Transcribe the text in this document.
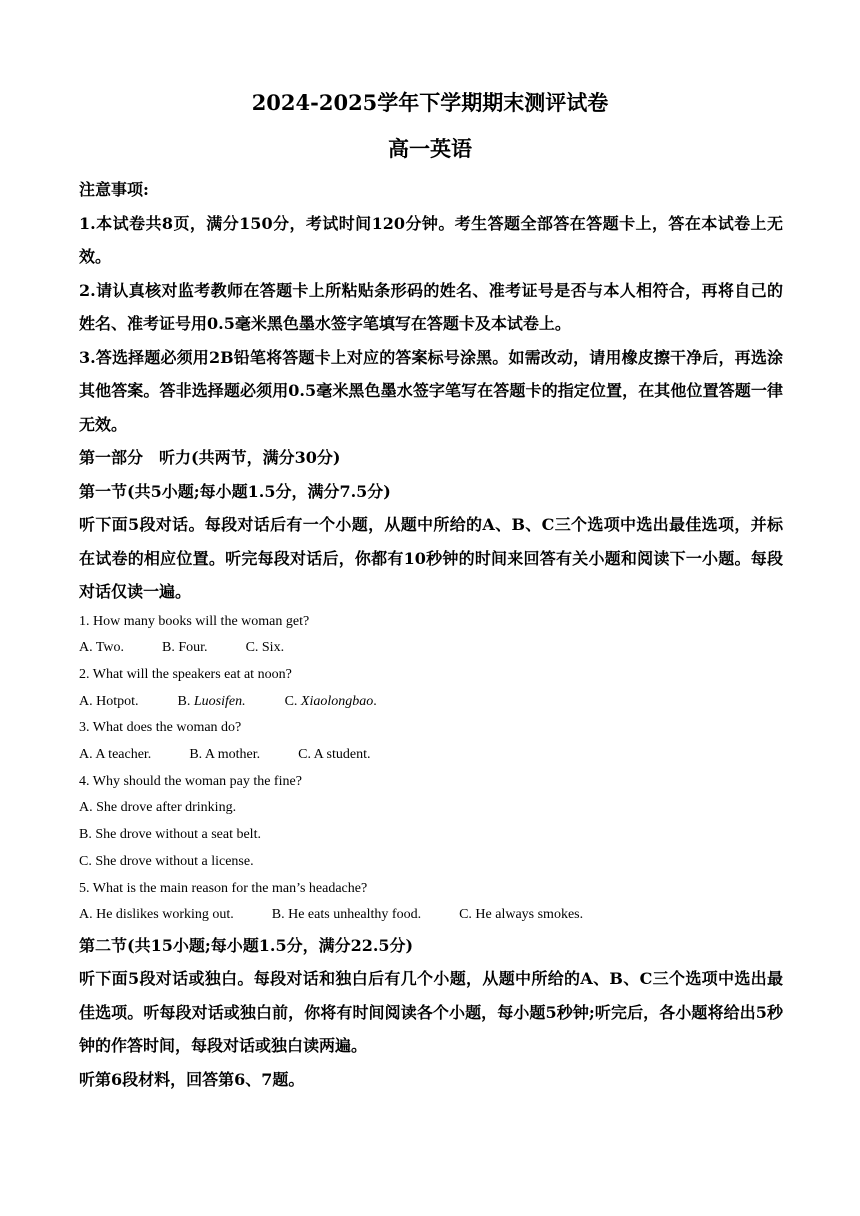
2024-2025学年下学期期末测评试卷
高一英语

注意事项:

1.本试卷共8页，满分150分，考试时间120分钟。考生答题全部答在答题卡上，答在本试卷上无效。

2.请认真核对监考教师在答题卡上所粘贴条形码的姓名、准考证号是否与本人相符合，再将自己的姓名、准考证号用0.5毫米黑色墨水签字笔填写在答题卡及本试卷上。

3.答选择题必须用2B铅笔将答题卡上对应的答案标号涂黑。如需改动，请用橡皮擦干净后，再选涂其他答案。答非选择题必须用0.5毫米黑色墨水签字笔写在答题卡的指定位置，在其他位置答题一律无效。

第一部分　听力(共两节，满分30分)

第一节(共5小题;每小题1.5分，满分7.5分)

听下面5段对话。每段对话后有一个小题，从题中所给的A、B、C三个选项中选出最佳选项，并标在试卷的相应位置。听完每段对话后，你都有10秒钟的时间来回答有关小题和阅读下一小题。每段对话仅读一遍。

1. How many books will the woman get?

A. Two.	B. Four.	C. Six.

2. What will the speakers eat at noon?

A. Hotpot.	B. Luosifen.	C. Xiaolongbao.

3. What does the woman do?

A. A teacher.	B. A mother.	C. A student.

4. Why should the woman pay the fine?

A. She drove after drinking.

B. She drove without a seat belt.

C. She drove without a license.

5. What is the main reason for the man’s headache?

A. He dislikes working out.	B. He eats unhealthy food.	C. He always smokes.

第二节(共15小题;每小题1.5分，满分22.5分)

听下面5段对话或独白。每段对话和独白后有几个小题，从题中所给的A、B、C三个选项中选出最佳选项。听每段对话或独白前，你将有时间阅读各个小题，每小题5秒钟;听完后，各小题将给出5秒钟的作答时间，每段对话或独白读两遍。

听第6段材料，回答第6、7题。
